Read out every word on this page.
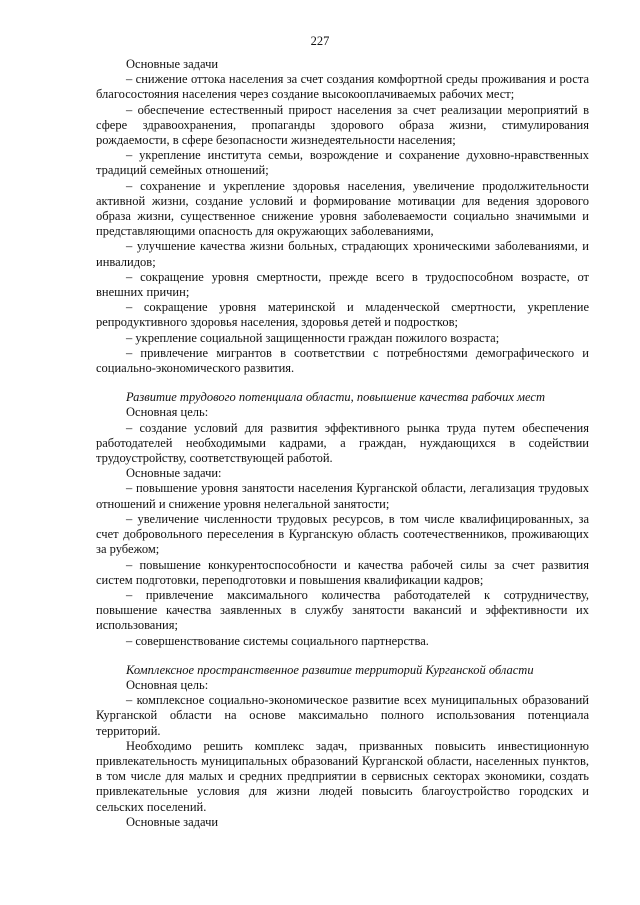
227

Основные задачи

– снижение оттока населения за счет создания комфортной среды проживания и роста благосостояния населения через создание высокооплачиваемых рабочих мест;

– обеспечение естественный прирост населения за счет реализации мероприятий в сфере здравоохранения, пропаганды здорового образа жизни, стимулирования рождаемости, в сфере безопасности жизнедеятельности населения;

– укрепление института семьи, возрождение и сохранение духовно-нравственных традиций семейных отношений;

– сохранение и укрепление здоровья населения, увеличение продолжительности активной жизни, создание условий и формирование мотивации для ведения здорового образа жизни, существенное снижение уровня заболеваемости социально значимыми и представляющими опасность для окружающих заболеваниями,

– улучшение качества жизни больных, страдающих хроническими заболеваниями, и инвалидов;

– сокращение уровня смертности, прежде всего в трудоспособном возрасте, от внешних причин;

– сокращение уровня материнской и младенческой смертности, укрепление репродуктивного здоровья населения, здоровья детей и подростков;

– укрепление социальной защищенности граждан пожилого возраста;

– привлечение мигрантов в соответствии с потребностями демографического и социально-экономического развития.

Развитие трудового потенциала области, повышение качества рабочих мест

Основная цель:

– создание условий для развития эффективного рынка труда путем обеспечения работодателей необходимыми кадрами, а граждан, нуждающихся в содействии трудоустройству, соответствующей работой.

Основные задачи:

– повышение уровня занятости населения Курганской области, легализация трудовых отношений и снижение уровня нелегальной занятости;

– увеличение численности трудовых ресурсов, в том числе квалифицированных, за счет добровольного переселения в Курганскую область соотечественников, проживающих за рубежом;

– повышение конкурентоспособности и качества рабочей силы за счет развития систем подготовки, переподготовки и повышения квалификации кадров;

– привлечение максимального количества работодателей к сотрудничеству, повышение качества заявленных в службу занятости вакансий и эффективности их использования;

– совершенствование системы социального партнерства.

Комплексное пространственное развитие территорий Курганской области

Основная цель:

– комплексное социально-экономическое развитие всех муниципальных образований Курганской области на основе максимально полного использования потенциала территорий.

Необходимо решить комплекс задач, призванных повысить инвестиционную привлекательность муниципальных образований Курганской области, населенных пунктов, в том числе для малых и средних предприятии в сервисных секторах экономики, создать привлекательные условия для жизни людей повысить благоустройство городских и сельских поселений.

Основные задачи
